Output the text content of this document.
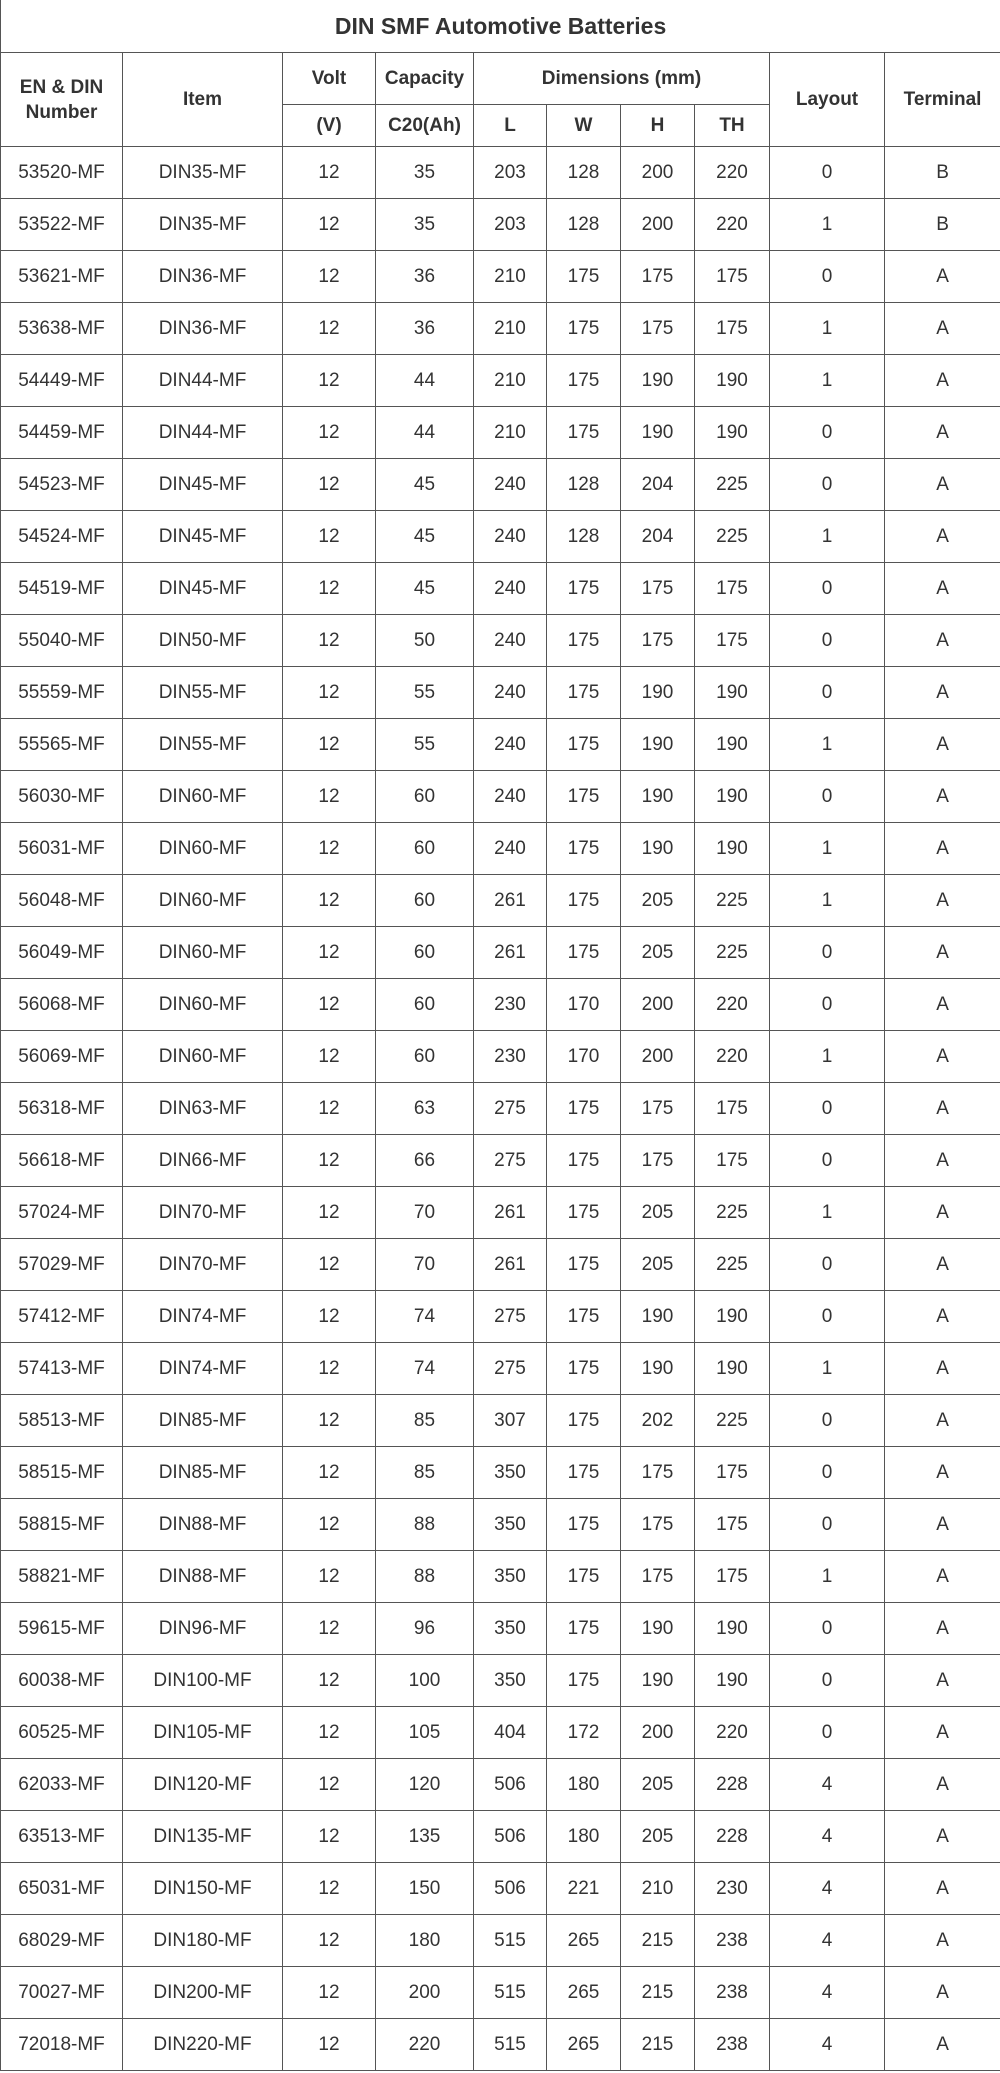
DIN SMF Automotive Batteries									
EN & DIN Number	Item	Volt	Capacity	Dimensions (mm)				Layout	Terminal
		(V)	C20(Ah)	L	W	H	TH		
53520-MF	DIN35-MF	12	35	203	128	200	220	0	B
53522-MF	DIN35-MF	12	35	203	128	200	220	1	B
53621-MF	DIN36-MF	12	36	210	175	175	175	0	A
53638-MF	DIN36-MF	12	36	210	175	175	175	1	A
54449-MF	DIN44-MF	12	44	210	175	190	190	1	A
54459-MF	DIN44-MF	12	44	210	175	190	190	0	A
54523-MF	DIN45-MF	12	45	240	128	204	225	0	A
54524-MF	DIN45-MF	12	45	240	128	204	225	1	A
54519-MF	DIN45-MF	12	45	240	175	175	175	0	A
55040-MF	DIN50-MF	12	50	240	175	175	175	0	A
55559-MF	DIN55-MF	12	55	240	175	190	190	0	A
55565-MF	DIN55-MF	12	55	240	175	190	190	1	A
56030-MF	DIN60-MF	12	60	240	175	190	190	0	A
56031-MF	DIN60-MF	12	60	240	175	190	190	1	A
56048-MF	DIN60-MF	12	60	261	175	205	225	1	A
56049-MF	DIN60-MF	12	60	261	175	205	225	0	A
56068-MF	DIN60-MF	12	60	230	170	200	220	0	A
56069-MF	DIN60-MF	12	60	230	170	200	220	1	A
56318-MF	DIN63-MF	12	63	275	175	175	175	0	A
56618-MF	DIN66-MF	12	66	275	175	175	175	0	A
57024-MF	DIN70-MF	12	70	261	175	205	225	1	A
57029-MF	DIN70-MF	12	70	261	175	205	225	0	A
57412-MF	DIN74-MF	12	74	275	175	190	190	0	A
57413-MF	DIN74-MF	12	74	275	175	190	190	1	A
58513-MF	DIN85-MF	12	85	307	175	202	225	0	A
58515-MF	DIN85-MF	12	85	350	175	175	175	0	A
58815-MF	DIN88-MF	12	88	350	175	175	175	0	A
58821-MF	DIN88-MF	12	88	350	175	175	175	1	A
59615-MF	DIN96-MF	12	96	350	175	190	190	0	A
60038-MF	DIN100-MF	12	100	350	175	190	190	0	A
60525-MF	DIN105-MF	12	105	404	172	200	220	0	A
62033-MF	DIN120-MF	12	120	506	180	205	228	4	A
63513-MF	DIN135-MF	12	135	506	180	205	228	4	A
65031-MF	DIN150-MF	12	150	506	221	210	230	4	A
68029-MF	DIN180-MF	12	180	515	265	215	238	4	A
70027-MF	DIN200-MF	12	200	515	265	215	238	4	A
72018-MF	DIN220-MF	12	220	515	265	215	238	4	A
